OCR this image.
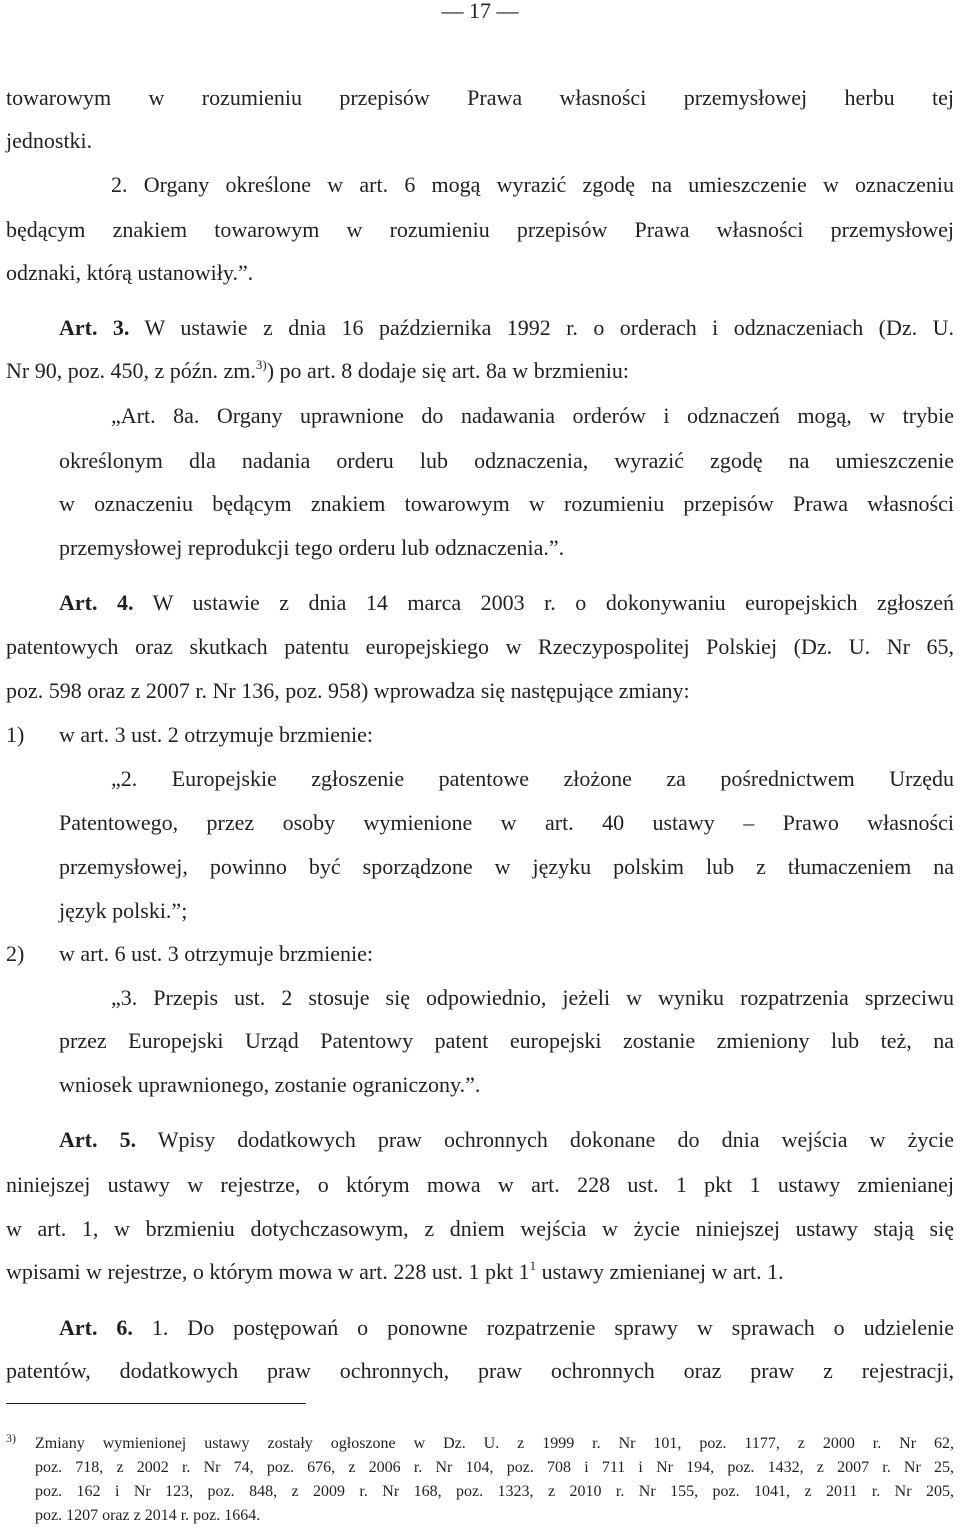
— 17 —
towarowym w rozumieniu przepisów Prawa własności przemysłowej herbu tej
jednostki.
2. Organy określone w art. 6 mogą wyrazić zgodę na umieszczenie w oznaczeniu
będącym znakiem towarowym w rozumieniu przepisów Prawa własności przemysłowej
odznaki, którą ustanowiły.”.
Art. 3. W ustawie z dnia 16 października 1992 r. o orderach i odznaczeniach (Dz. U.
Nr 90, poz. 450, z późn. zm.$^{3)}$) po art. 8 dodaje się art. 8a w brzmieniu:
„Art. 8a. Organy uprawnione do nadawania orderów i odznaczeń mogą, w trybie
określonym dla nadania orderu lub odznaczenia, wyrazić zgodę na umieszczenie
w oznaczeniu będącym znakiem towarowym w rozumieniu przepisów Prawa własności
przemysłowej reprodukcji tego orderu lub odznaczenia.”.
Art. 4. W ustawie z dnia 14 marca 2003 r. o dokonywaniu europejskich zgłoszeń
patentowych oraz skutkach patentu europejskiego w Rzeczypospolitej Polskiej (Dz. U. Nr 65,
poz. 598 oraz z 2007 r. Nr 136, poz. 958) wprowadza się następujące zmiany:
1) w art. 3 ust. 2 otrzymuje brzmienie:
„2. Europejskie zgłoszenie patentowe złożone za pośrednictwem Urzędu
Patentowego, przez osoby wymienione w art. 40 ustawy – Prawo własności
przemysłowej, powinno być sporządzone w języku polskim lub z tłumaczeniem na
język polski.”;
2) w art. 6 ust. 3 otrzymuje brzmienie:
„3. Przepis ust. 2 stosuje się odpowiednio, jeżeli w wyniku rozpatrzenia sprzeciwu
przez Europejski Urząd Patentowy patent europejski zostanie zmieniony lub też, na
wniosek uprawnionego, zostanie ograniczony.”.
Art. 5. Wpisy dodatkowych praw ochronnych dokonane do dnia wejścia w życie
niniejszej ustawy w rejestrze, o którym mowa w art. 228 ust. 1 pkt 1 ustawy zmienianej
w art. 1, w brzmieniu dotychczasowym, z dniem wejścia w życie niniejszej ustawy stają się
wpisami w rejestrze, o którym mowa w art. 228 ust. 1 pkt $1^1$ ustawy zmienianej w art. 1.
Art. 6. 1. Do postępowań o ponowne rozpatrzenie sprawy w sprawach o udzielenie
patentów, dodatkowych praw ochronnych, praw ochronnych oraz praw z rejestracji,
3) Zmiany wymienionej ustawy zostały ogłoszone w Dz. U. z 1999 r. Nr 101, poz. 1177, z 2000 r. Nr 62,
poz. 718, z 2002 r. Nr 74, poz. 676, z 2006 r. Nr 104, poz. 708 i 711 i Nr 194, poz. 1432, z 2007 r. Nr 25,
poz. 162 i Nr 123, poz. 848, z 2009 r. Nr 168, poz. 1323, z 2010 r. Nr 155, poz. 1041, z 2011 r. Nr 205,
poz. 1207 oraz z 2014 r. poz. 1664.
